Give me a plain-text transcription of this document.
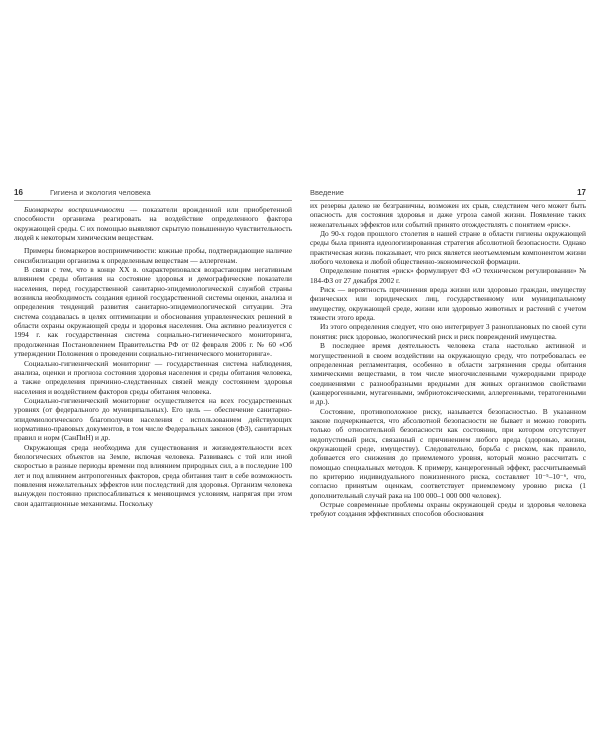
16	Гигиена и экология человека

Биомаркеры восприимчивости — показатели врожденной или приобретенной способности организма реагировать на воздействие определенного фактора окружающей среды. С их помощью выявляют скрытую повышенную чувствительность людей к некоторым химическим веществам.

Примеры биомаркеров восприимчивости: кожные пробы, подтверждающие наличие сенсибилизации организма к определенным веществам — аллергенам.

В связи с тем, что в конце XX в. охарактеризовался возрастающим негативным влиянием среды обитания на состояние здоровья и демографические показатели населения, перед государственной санитарно-эпидемиологической службой страны возникла необходимость создания единой государственной системы оценки, анализа и определения тенденций развития санитарно-эпидемиологической ситуации. Эта система создавалась в целях оптимизации и обоснования управленческих решений в области охраны окружающей среды и здоровья населения. Она активно реализуется с 1994 г. как государственная система социально-гигиенического мониторинга, продолженная Постановлением Правительства РФ от 02 февраля 2006 г. № 60 «Об утверждении Положения о проведении социально-гигиенического мониторинга».

Социально-гигиенический мониторинг — государственная система наблюдения, анализа, оценки и прогноза состояния здоровья населения и среды обитания человека, а также определения причинно-следственных связей между состоянием здоровья населения и воздействием факторов среды обитания человека.

Социально-гигиенический мониторинг осуществляется на всех государственных уровнях (от федерального до муниципальных). Его цель — обеспечение санитарно-эпидемиологического благополучия населения с использованием действующих нормативно-правовых документов, в том числе Федеральных законов (ФЗ), санитарных правил и норм (СанПиН) и др.

Окружающая среда необходима для существования и жизнедеятельности всех биологических объектов на Земле, включая человека. Развиваясь с той или иной скоростью в разные периоды времени под влиянием природных сил, а в последние 100 лет и под влиянием антропогенных факторов, среда обитания таит в себе возможность появления нежелательных эффектов или последствий для здоровья. Организм человека вынужден постоянно приспосабливаться к меняющимся условиям, напрягая при этом свои адаптационные механизмы. Поскольку

Введение	17

их резервы далеко не безграничны, возможен их срыв, следствием чего может быть опасность для состояния здоровья и даже угроза самой жизни. Появление таких нежелательных эффектов или событий принято отождествлять с понятием «риск».

До 90-х годов прошлого столетия в нашей стране в области гигиены окружающей среды была принята идеологизированная стратегия абсолютной безопасности. Однако практическая жизнь показывает, что риск является неотъемлемым компонентом жизни любого человека и любой общественно-экономической формации.

Определение понятия «риск» формулирует ФЗ «О техническом регулировании» № 184-ФЗ от 27 декабря 2002 г.

Риск — вероятность причинения вреда жизни или здоровью граждан, имуществу физических или юридических лиц, государственному или муниципальному имуществу, окружающей среде, жизни или здоровью животных и растений с учетом тяжести этого вреда.

Из этого определения следует, что оно интегрирует 3 разноплановых по своей сути понятия: риск здоровью, экологический риск и риск повреждений имущества.

В последнее время деятельность человека стала настолько активной и могущественной в своем воздействии на окружающую среду, что потребовалась ее определенная регламентация, особенно в области загрязнения среды обитания химическими веществами, в том числе многочисленными чужеродными природе соединениями с разнообразными вредными для живых организмов свойствами (канцерогенными, мутагенными, эмбриотоксическими, аллергенными, тератогенными и др.).

Состояние, противоположное риску, называется безопасностью. В указанном законе подчеркивается, что абсолютной безопасности не бывает и можно говорить только об относительной безопасности как состоянии, при котором отсутствует недопустимый риск, связанный с причинением любого вреда (здоровью, жизни, окружающей среде, имуществу). Следовательно, борьба с риском, как правило, добивается его снижения до приемлемого уровня, который можно рассчитать с помощью специальных методов. К примеру, канцерогенный эффект, рассчитываемый по критерию индивидуального пожизненного риска, составляет 10⁻⁵–10⁻⁶, что, согласно принятым оценкам, соответствует приемлемому уровню риска (1 дополнительный случай рака на 100 000–1 000 000 человек).

Острые современные проблемы охраны окружающей среды и здоровья человека требуют создания эффективных способов обоснования
